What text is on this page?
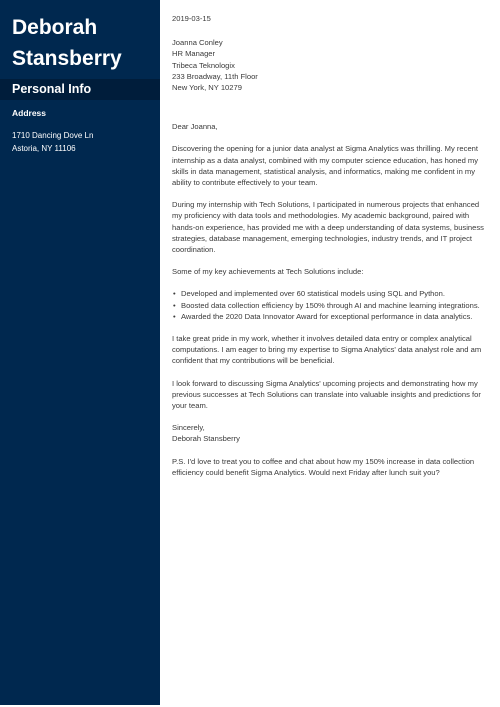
Deborah
Stansberry
Personal Info
Address
1710 Dancing Dove Ln
Astoria, NY 11106
2019-03-15
Joanna Conley
HR Manager
Tribeca Teknologix
233 Broadway, 11th Floor
New York, NY 10279
Dear Joanna,
Discovering the opening for a junior data analyst at Sigma Analytics was thrilling. My recent
internship as a data analyst, combined with my computer science education, has honed my
skills in data management, statistical analysis, and informatics, making me confident in my
ability to contribute effectively to your team.
During my internship with Tech Solutions, I participated in numerous projects that enhanced
my proficiency with data tools and methodologies. My academic background, paired with
hands-on experience, has provided me with a deep understanding of data systems, business
strategies, database management, emerging technologies, industry trends, and IT project
coordination.
Some of my key achievements at Tech Solutions include:
• Developed and implemented over 60 statistical models using SQL and Python.
• Boosted data collection efficiency by 150% through AI and machine learning integrations.
• Awarded the 2020 Data Innovator Award for exceptional performance in data analytics.
I take great pride in my work, whether it involves detailed data entry or complex analytical
computations. I am eager to bring my expertise to Sigma Analytics' data analyst role and am
confident that my contributions will be beneficial.
I look forward to discussing Sigma Analytics' upcoming projects and demonstrating how my
previous successes at Tech Solutions can translate into valuable insights and predictions for
your team.
Sincerely,
Deborah Stansberry
P.S. I'd love to treat you to coffee and chat about how my 150% increase in data collection
efficiency could benefit Sigma Analytics. Would next Friday after lunch suit you?
